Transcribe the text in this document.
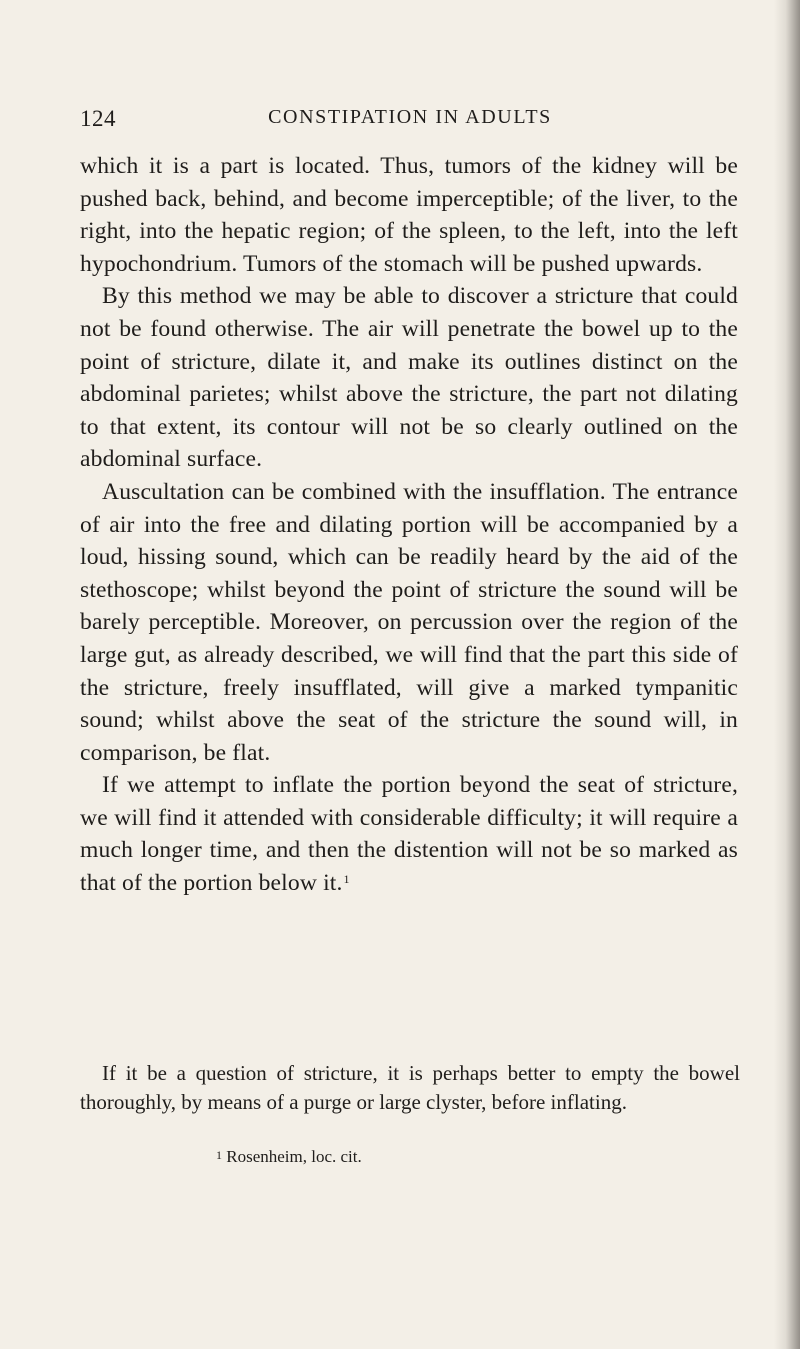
124	CONSTIPATION IN ADULTS

which it is a part is located. Thus, tumors of the kidney will be pushed back, behind, and become imperceptible; of the liver, to the right, into the hepatic region; of the spleen, to the left, into the left hypochondrium. Tumors of the stomach will be pushed upwards.

By this method we may be able to discover a stricture that could not be found otherwise. The air will penetrate the bowel up to the point of stricture, dilate it, and make its outlines distinct on the abdominal parietes; whilst above the stricture, the part not dilating to that extent, its contour will not be so clearly outlined on the abdominal surface.

Auscultation can be combined with the insufflation. The entrance of air into the free and dilating portion will be accompanied by a loud, hissing sound, which can be readily heard by the aid of the stethoscope; whilst beyond the point of stricture the sound will be barely perceptible. Moreover, on percussion over the region of the large gut, as already described, we will find that the part this side of the stricture, freely insufflated, will give a marked tympanitic sound; whilst above the seat of the stricture the sound will, in comparison, be flat.

If we attempt to inflate the portion beyond the seat of stricture, we will find it attended with considerable difficulty; it will require a much longer time, and then the distention will not be so marked as that of the portion below it.$^1$

If it be a question of stricture, it is perhaps better to empty the bowel thoroughly, by means of a purge or large clyster, before inflating.

$^1$ Rosenheim, loc. cit.
